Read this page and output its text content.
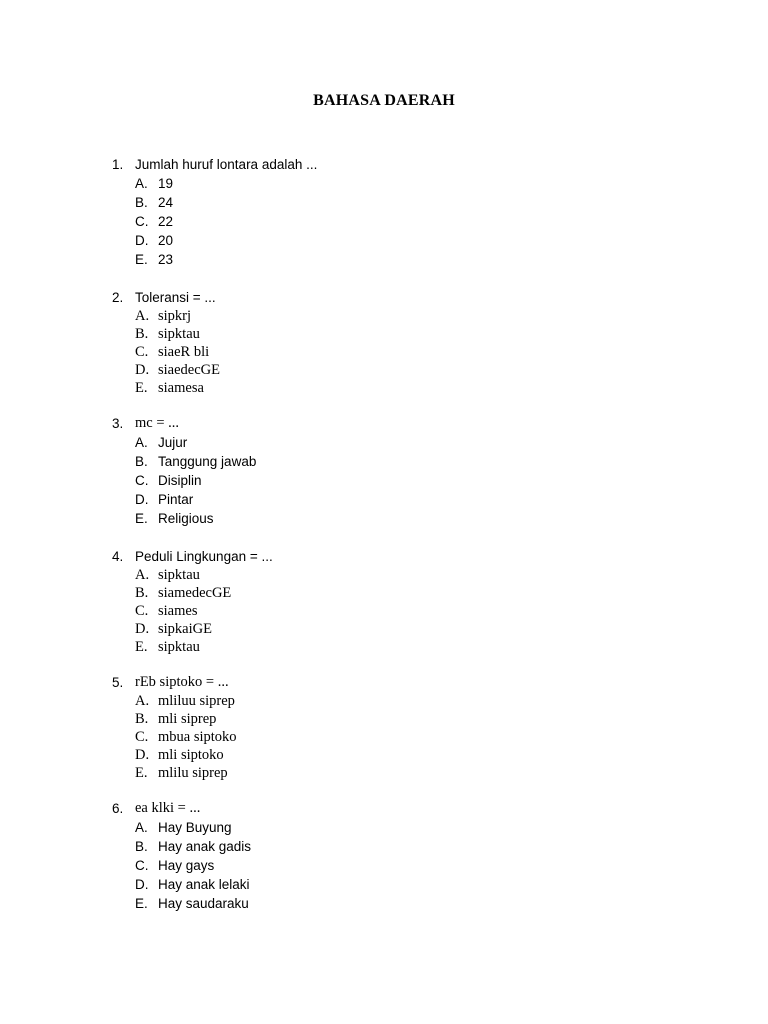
BAHASA DAERAH
1. Jumlah huruf lontara adalah ...
A. 19
B. 24
C. 22
D. 20
E. 23
2. Toleransi = ...
A. sipkrj
B. sipktau
C. siaeR bli
D. siaedecGE
E. siamesa
3. mc = ...
A. Jujur
B. Tanggung jawab
C. Disiplin
D. Pintar
E. Religious
4. Peduli Lingkungan = ...
A. sipktau
B. siamedecGE
C. siames
D. sipkaiGE
E. sipktau
5. rEb siptoko = ...
A. mliluu siprep
B. mli siprep
C. mbua siptoko
D. mli siptoko
E. mlilu siprep
6. ea klki = ...
A. Hay Buyung
B. Hay anak gadis
C. Hay gays
D. Hay anak lelaki
E. Hay saudaraku
